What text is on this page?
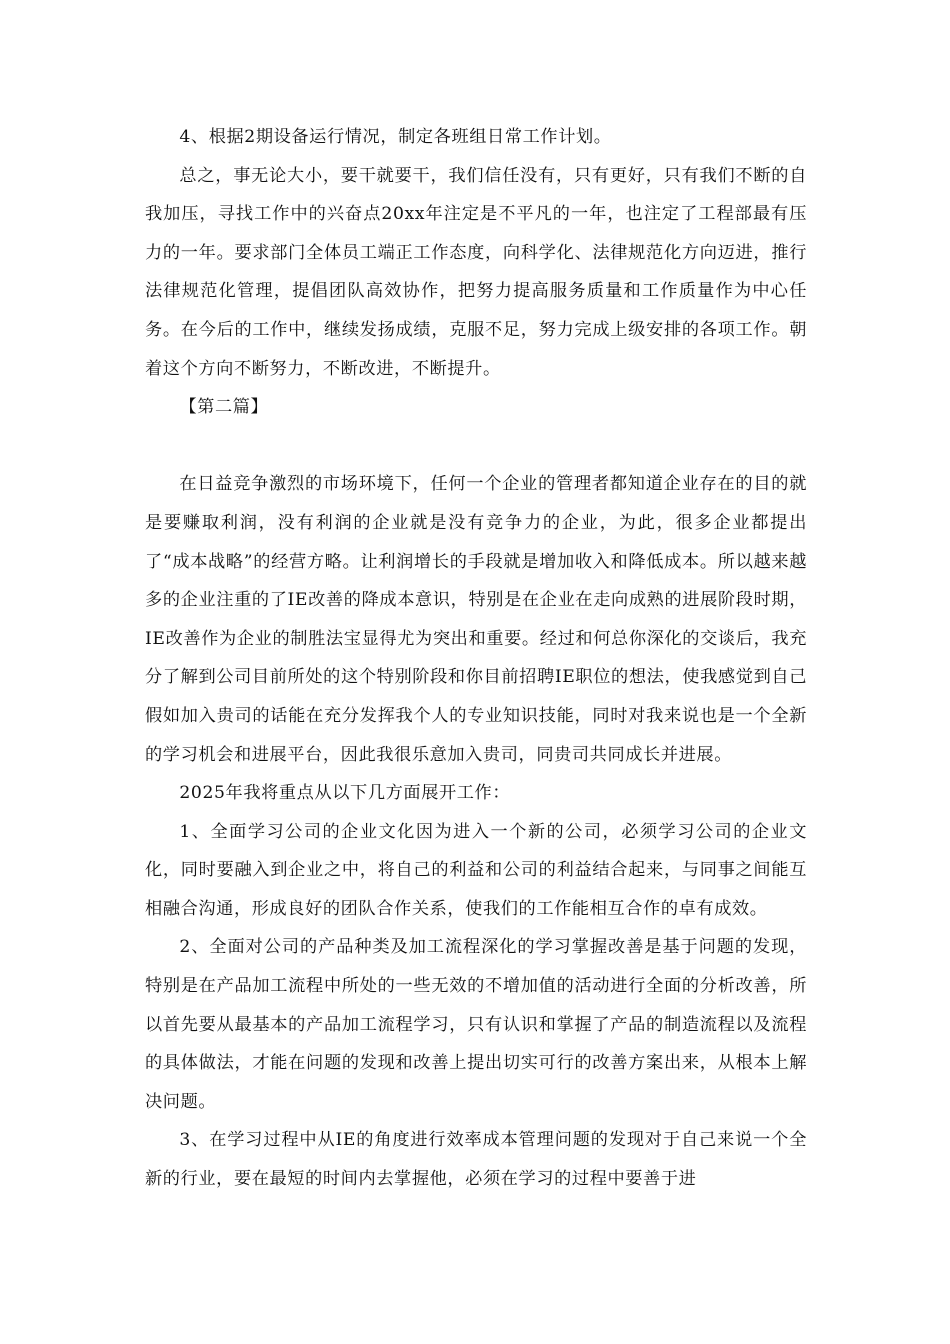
4、根据2期设备运行情况，制定各班组日常工作计划。

总之，事无论大小，要干就要干，我们信任没有，只有更好，只有我们不断的自我加压，寻找工作中的兴奋点20xx年注定是不平凡的一年，也注定了工程部最有压力的一年。要求部门全体员工端正工作态度，向科学化、法律规范化方向迈进，推行法律规范化管理，提倡团队高效协作，把努力提高服务质量和工作质量作为中心任务。在今后的工作中，继续发扬成绩，克服不足，努力完成上级安排的各项工作。朝着这个方向不断努力，不断改进，不断提升。

【第二篇】

在日益竞争激烈的市场环境下，任何一个企业的管理者都知道企业存在的目的就是要赚取利润，没有利润的企业就是没有竞争力的企业，为此，很多企业都提出了“成本战略”的经营方略。让利润增长的手段就是增加收入和降低成本。所以越来越多的企业注重的了IE改善的降成本意识，特别是在企业在走向成熟的进展阶段时期，IE改善作为企业的制胜法宝显得尤为突出和重要。经过和何总你深化的交谈后，我充分了解到公司目前所处的这个特别阶段和你目前招聘IE职位的想法，使我感觉到自己假如加入贵司的话能在充分发挥我个人的专业知识技能，同时对我来说也是一个全新的学习机会和进展平台，因此我很乐意加入贵司，同贵司共同成长并进展。

2025年我将重点从以下几方面展开工作：

1、全面学习公司的企业文化因为进入一个新的公司，必须学习公司的企业文化，同时要融入到企业之中，将自己的利益和公司的利益结合起来，与同事之间能互相融合沟通，形成良好的团队合作关系，使我们的工作能相互合作的卓有成效。

2、全面对公司的产品种类及加工流程深化的学习掌握改善是基于问题的发现，特别是在产品加工流程中所处的一些无效的不增加值的活动进行全面的分析改善，所以首先要从最基本的产品加工流程学习，只有认识和掌握了产品的制造流程以及流程的具体做法，才能在问题的发现和改善上提出切实可行的改善方案出来，从根本上解决问题。

3、在学习过程中从IE的角度进行效率成本管理问题的发现对于自己来说一个全新的行业，要在最短的时间内去掌握他，必须在学习的过程中要善于进
